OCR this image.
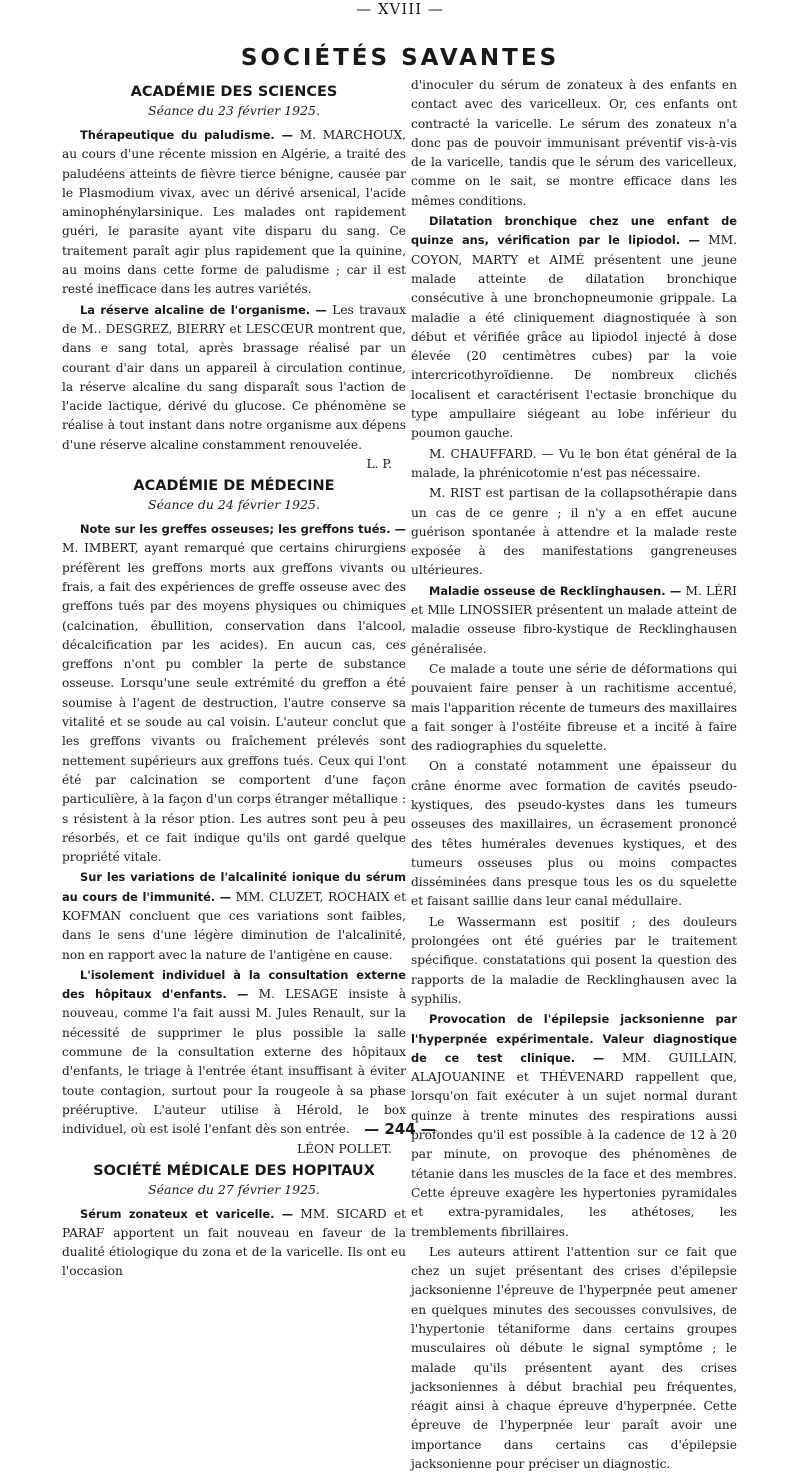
— XVIII —
SOCIÉTÉS SAVANTES
ACADÉMIE DES SCIENCES
Séance du 23 février 1925.

Thérapeutique du paludisme. — M. MARCHOUX, au cours d'une récente mission en Algérie, a traité des paludéens atteints de fièvre tierce bénigne, causée par le Plasmodium vivax, avec un dérivé arsenical, l'acide aminophénylarsinique. Les malades ont rapidement guéri, le parasite ayant vite disparu du sang. Ce traitement paraît agir plus rapidement que la quinine, au moins dans cette forme de paludisme ; car il est resté inefficace dans les autres variétés.

La réserve alcaline de l'organisme. — Les travaux de M.. DESGREZ, BIERRY et LESCŒUR montrent que, dans e sang total, après brassage réalisé par un courant d'air dans un appareil à circulation continue, la réserve alcaline du sang disparaît sous l'action de l'acide lactique, dérivé du glucose. Ce phénomène se réalise à tout instant dans notre organisme aux dépens d'une réserve alcaline constamment renouvelée.
L. P.

ACADÉMIE DE MÉDECINE
Séance du 24 février 1925.

Note sur les greffes osseuses; les greffons tués. — M. IMBERT, ayant remarqué que certains chirurgiens préfèrent les greffons morts aux greffons vivants ou frais, a fait des expériences de greffe osseuse avec des greffons tués par des moyens physiques ou chimiques (calcination, ébullition, conservation dans l'alcool, décalcification par les acides). En aucun cas, ces greffons n'ont pu combler la perte de substance osseuse. Lorsqu'une seule extrémité du greffon a été soumise à l'agent de destruction, l'autre conserve sa vitalité et se soude au cal voisin. L'auteur conclut que les greffons vivants ou fraîchement prélevés sont nettement supérieurs aux greffons tués. Ceux qui l'ont été par calcination se comportent d'une façon particulière, à la façon d'un corps étranger métallique : s résistent à la résor ption. Les autres sont peu à peu résorbés, et ce fait indique qu'ils ont gardé quelque propriété vitale.

Sur les variations de l'alcalinité ionique du sérum au cours de l'immunité. — MM. CLUZET, ROCHAIX et KOFMAN concluent que ces variations sont faibles, dans le sens d'une légère diminution de l'alcalinité, non en rapport avec la nature de l'antigène en cause.

L'isolement individuel à la consultation externe des hôpitaux d'enfants. — M. LESAGE insiste à nouveau, comme l'a fait aussi M. Jules Renault, sur la nécessité de supprimer le plus possible la salle commune de la consultation externe des hôpitaux d'enfants, le triage à l'entrée étant insuffisant à éviter toute contagion, surtout pour la rougeole à sa phase prééruptive. L'auteur utilise à Hérold, le box individuel, où est isolé l'enfant dès son entrée.
LÉON POLLET.

SOCIÉTÉ MÉDICALE DES HOPITAUX
Séance du 27 février 1925.

Sérum zonateux et varicelle. — MM. SICARD et PARAF apportent un fait nouveau en faveur de la dualité étiologique du zona et de la varicelle. Ils ont eu l'occasion

d'inoculer du sérum de zonateux à des enfants en contact avec des varicelleux. Or, ces enfants ont contracté la varicelle. Le sérum des zonateux n'a donc pas de pouvoir immunisant préventif vis-à-vis de la varicelle, tandis que le sérum des varicelleux, comme on le sait, se montre efficace dans les mêmes conditions.

Dilatation bronchique chez une enfant de quinze ans, vérification par le lipiodol. — MM. COYON, MARTY et AIMÉ présentent une jeune malade atteinte de dilatation bronchique consécutive à une bronchopneumonie grippale. La maladie a été cliniquement diagnostiquée à son début et vérifiée grâce au lipiodol injecté à dose élevée (20 centimètres cubes) par la voie intercricothyroïdienne. De nombreux clichés localisent et caractérisent l'ectasie bronchique du type ampullaire siégeant au lobe inférieur du poumon gauche.

M. CHAUFFARD. — Vu le bon état général de la malade, la phrénicotomie n'est pas nécessaire.

M. RIST est partisan de la collapsothérapie dans un cas de ce genre ; il n'y a en effet aucune guérison spontanée à attendre et la malade reste exposée à des manifestations gangreneuses ultérieures.

Maladie osseuse de Recklinghausen. — M. LÉRI et Mlle LINOSSIER présentent un malade atteint de maladie osseuse fibro-kystique de Recklinghausen généralisée.

Ce malade a toute une série de déformations qui pouvaient faire penser à un rachitisme accentué, mais l'apparition récente de tumeurs des maxillaires a fait songer à l'ostéite fibreuse et a incité à faire des radiographies du squelette.

On a constaté notamment une épaisseur du crâne énorme avec formation de cavités pseudo-kystiques, des pseudo-kystes dans les tumeurs osseuses des maxillaires, un écrasement prononcé des têtes humérales devenues kystiques, et des tumeurs osseuses plus ou moins compactes disséminées dans presque tous les os du squelette et faisant saillie dans leur canal médullaire.

Le Wassermann est positif ; des douleurs prolongées ont été guéries par le traitement spécifique. constatations qui posent la question des rapports de la maladie de Recklinghausen avec la syphilis.

Provocation de l'épilepsie jacksonienne par l'hyperpnée expérimentale. Valeur diagnostique de ce test clinique. — MM. GUILLAIN, ALAJOUANINE et THÉVENARD rappellent que, lorsqu'on fait exécuter à un sujet normal durant quinze à trente minutes des respirations aussi profondes qu'il est possible à la cadence de 12 à 20 par minute, on provoque des phénomènes de tétanie dans les muscles de la face et des membres. Cette épreuve exagère les hypertonies pyramidales et extra-pyramidales, les athétoses, les tremblements fibrillaires.

Les auteurs attirent l'attention sur ce fait que chez un sujet présentant des crises d'épilepsie jacksonienne l'épreuve de l'hyperpnée peut amener en quelques minutes des secousses convulsives, de l'hypertonie tétaniforme dans certains groupes musculaires où débute le signal symptôme ; le malade qu'ils présentent ayant des crises jacksoniennes à début brachial peu fréquentes, réagit ainsi à chaque épreuve d'hyperpnée. Cette épreuve de l'hyperpnée leur paraît avoir une importance dans certains cas d'épilepsie jacksonienne pour préciser un diagnostic.

— 244 —
